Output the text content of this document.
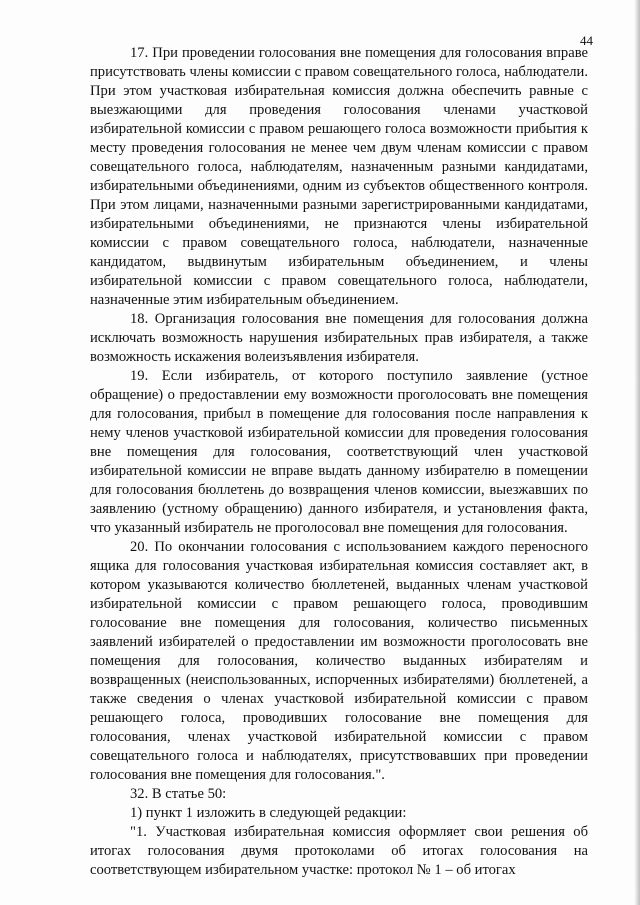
44

17. При проведении голосования вне помещения для голосования вправе присутствовать члены комиссии с правом совещательного голоса, наблюдатели. При этом участковая избирательная комиссия должна обеспечить равные с выезжающими для проведения голосования членами участковой избирательной комиссии с правом решающего голоса возможности прибытия к месту проведения голосования не менее чем двум членам комиссии с правом совещательного голоса, наблюдателям, назначенным разными кандидатами, избирательными объединениями, одним из субъектов общественного контроля. При этом лицами, назначенными разными зарегистрированными кандидатами, избирательными объединениями, не признаются члены избирательной комиссии с правом совещательного голоса, наблюдатели, назначенные кандидатом, выдвинутым избирательным объединением, и члены избирательной комиссии с правом совещательного голоса, наблюдатели, назначенные этим избирательным объединением.

18. Организация голосования вне помещения для голосования должна исключать возможность нарушения избирательных прав избирателя, а также возможность искажения волеизъявления избирателя.

19. Если избиратель, от которого поступило заявление (устное обращение) о предоставлении ему возможности проголосовать вне помещения для голосования, прибыл в помещение для голосования после направления к нему членов участковой избирательной комиссии для проведения голосования вне помещения для голосования, соответствующий член участковой избирательной комиссии не вправе выдать данному избирателю в помещении для голосования бюллетень до возвращения членов комиссии, выезжавших по заявлению (устному обращению) данного избирателя, и установления факта, что указанный избиратель не проголосовал вне помещения для голосования.

20. По окончании голосования с использованием каждого переносного ящика для голосования участковая избирательная комиссия составляет акт, в котором указываются количество бюллетеней, выданных членам участковой избирательной комиссии с правом решающего голоса, проводившим голосование вне помещения для голосования, количество письменных заявлений избирателей о предоставлении им возможности проголосовать вне помещения для голосования, количество выданных избирателям и возвращенных (неиспользованных, испорченных избирателями) бюллетеней, а также сведения о членах участковой избирательной комиссии с правом решающего голоса, проводивших голосование вне помещения для голосования, членах участковой избирательной комиссии с правом совещательного голоса и наблюдателях, присутствовавших при проведении голосования вне помещения для голосования.".

32. В статье 50:

1) пункт 1 изложить в следующей редакции:

"1. Участковая избирательная комиссия оформляет свои решения об итогах голосования двумя протоколами об итогах голосования на соответствующем избирательном участке: протокол № 1 – об итогах
